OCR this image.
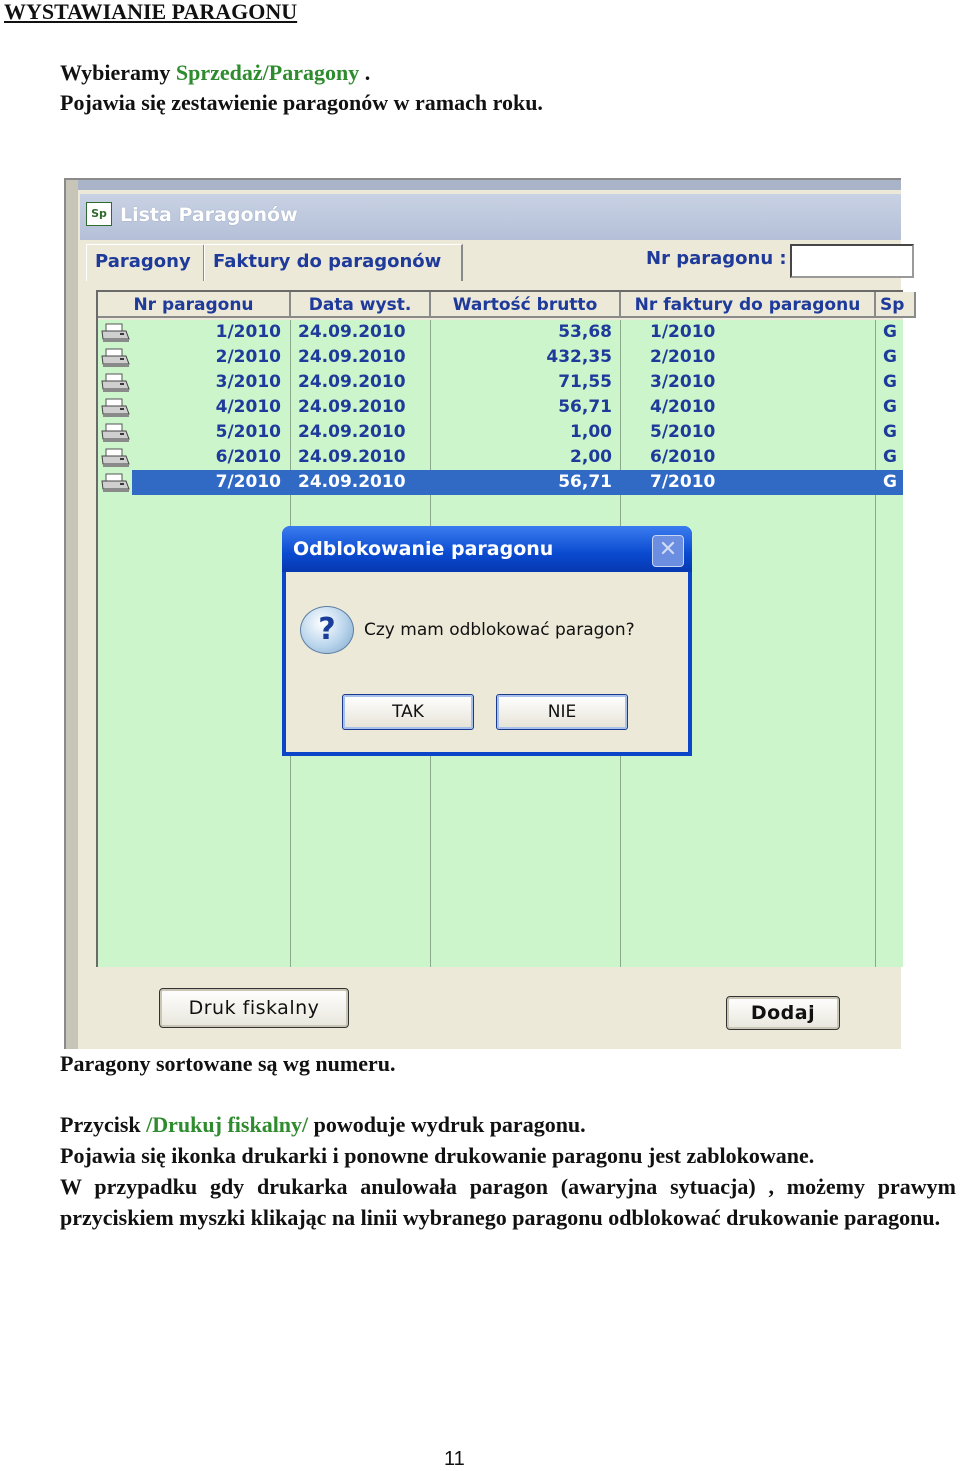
WYSTAWIANIE PARAGONU
Wybieramy Sprzedaż/Paragony .
Pojawia się zestawienie paragonów w ramach roku.
Sp Lista Paragonów
Paragony	Faktury do paragonów	Nr paragonu :
Nr paragonu	Data wyst.	Wartość brutto	Nr faktury do paragonu	Sp
1/2010 24.09.2010	53,68 1/2010	G
2/2010 24.09.2010	432,35 2/2010	G
3/2010 24.09.2010	71,55 3/2010	G
4/2010 24.09.2010	56,71 4/2010	G
5/2010 24.09.2010	1,00 5/2010	G
6/2010 24.09.2010	2,00 6/2010	G
7/2010 24.09.2010	56,71 7/2010	G
Odblokowanie paragonu	✕
?	Czy mam odblokować paragon?
TAK	NIE
Druk fiskalny	Dodaj
Paragony sortowane są wg numeru.
Przycisk /Drukuj fiskalny/ powoduje wydruk paragonu.
Pojawia się ikonka drukarki i ponowne drukowanie paragonu jest zablokowane.
W przypadku gdy drukarka anulowała paragon (awaryjna sytuacja) , możemy prawym przyciskiem myszki klikając na linii wybranego paragonu odblokować drukowanie paragonu.
11
